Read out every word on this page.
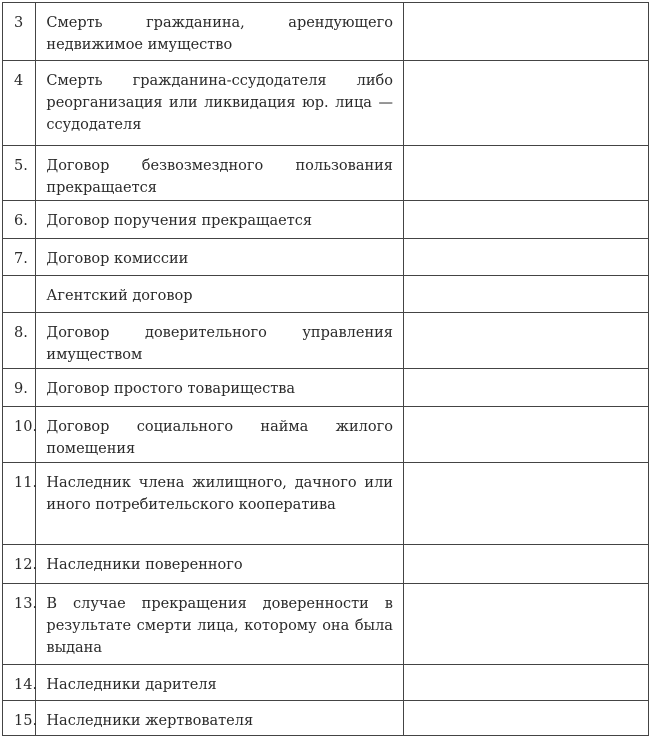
3	Смерть гражданина, арендующего недвижимое имущество	
4	Смерть гражданина-ссудодателя либо реорганизация или ликвидация юр. лица — ссудодателя	
5.	Договор безвозмездного пользования прекращается	
6.	Договор поручения прекращается	
7.	Договор комиссии	
	Агентский договор	
8.	Договор доверительного управления имуществом	
9.	Договор простого товарищества	
10.	Договор социального найма жилого помещения	
11.	Наследник члена жилищного, дачного или иного потребительского кооператива	
12.	Наследники поверенного	
13.	В случае прекращения доверенности в результате смерти лица, которому она была выдана	
14.	Наследники дарителя	
15.	Наследники жертвователя	
